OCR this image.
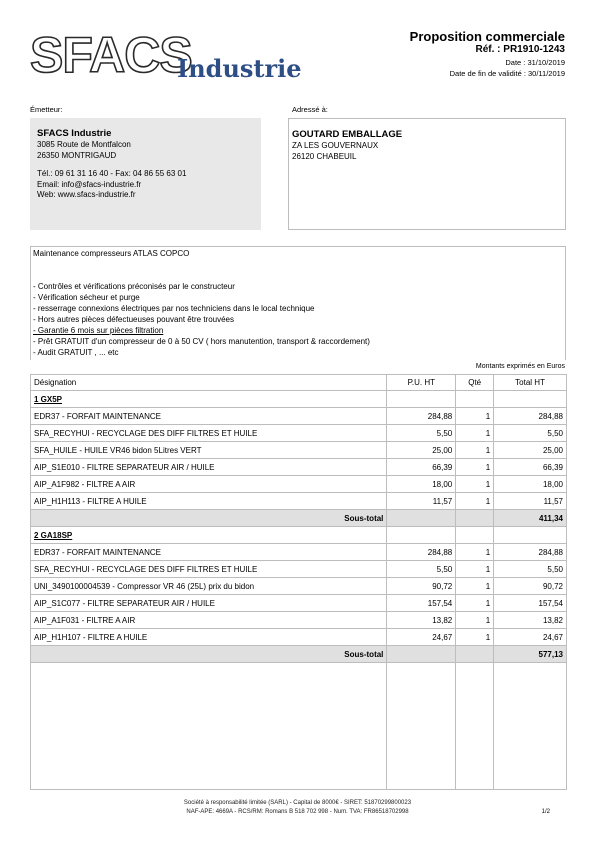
SFACS
Industrie
Proposition commerciale
Réf. : PR1910-1243
Date : 31/10/2019
Date de fin de validité : 30/11/2019
Émetteur:
SFACS Industrie
3085 Route de Montfalcon
26350 MONTRIGAUD
Tél.: 09 61 31 16 40 - Fax: 04 86 55 63 01
Email: info@sfacs-industrie.fr
Web: www.sfacs-industrie.fr
Adressé à:
GOUTARD EMBALLAGE
ZA LES GOUVERNAUX
26120 CHABEUIL
Maintenance compresseurs ATLAS COPCO
- Contrôles et vérifications préconisés par le constructeur
- Vérification sécheur et purge
- resserrage connexions électriques par nos techniciens dans le local technique
- Hors autres pièces défectueuses pouvant être trouvées
- Garantie 6 mois sur pièces filtration
- Prêt GRATUIT d'un compresseur de 0 à 50 CV ( hors manutention, transport & raccordement)
- Audit GRATUIT , ... etc
Montants exprimés en Euros
Désignation	P.U. HT	Qté	Total HT
1 GX5P			
EDR37 - FORFAIT MAINTENANCE	284,88	1	284,88
SFA_RECYHUI - RECYCLAGE DES DIFF FILTRES ET HUILE	5,50	1	5,50
SFA_HUILE - HUILE VR46 bidon 5Litres VERT	25,00	1	25,00
AIP_S1E010 - FILTRE SEPARATEUR AIR / HUILE	66,39	1	66,39
AIP_A1F982 - FILTRE A AIR	18,00	1	18,00
AIP_H1H113 - FILTRE A HUILE	11,57	1	11,57
Sous-total			411,34
2 GA18SP			
EDR37 - FORFAIT MAINTENANCE	284,88	1	284,88
SFA_RECYHUI - RECYCLAGE DES DIFF FILTRES ET HUILE	5,50	1	5,50
UNI_3490100004539 - Compressor VR 46 (25L) prix du bidon	90,72	1	90,72
AIP_S1C077 - FILTRE SEPARATEUR AIR / HUILE	157,54	1	157,54
AIP_A1F031 - FILTRE A AIR	13,82	1	13,82
AIP_H1H107 - FILTRE A HUILE	24,67	1	24,67
Sous-total			577,13

Société à responsabilité limitée (SARL) - Capital de 8000€ - SIRET: 51870299800023
NAF-APE: 4669A - RCS/RM: Romans B 518 702 998 - Num. TVA: FR86518702998	1/2
